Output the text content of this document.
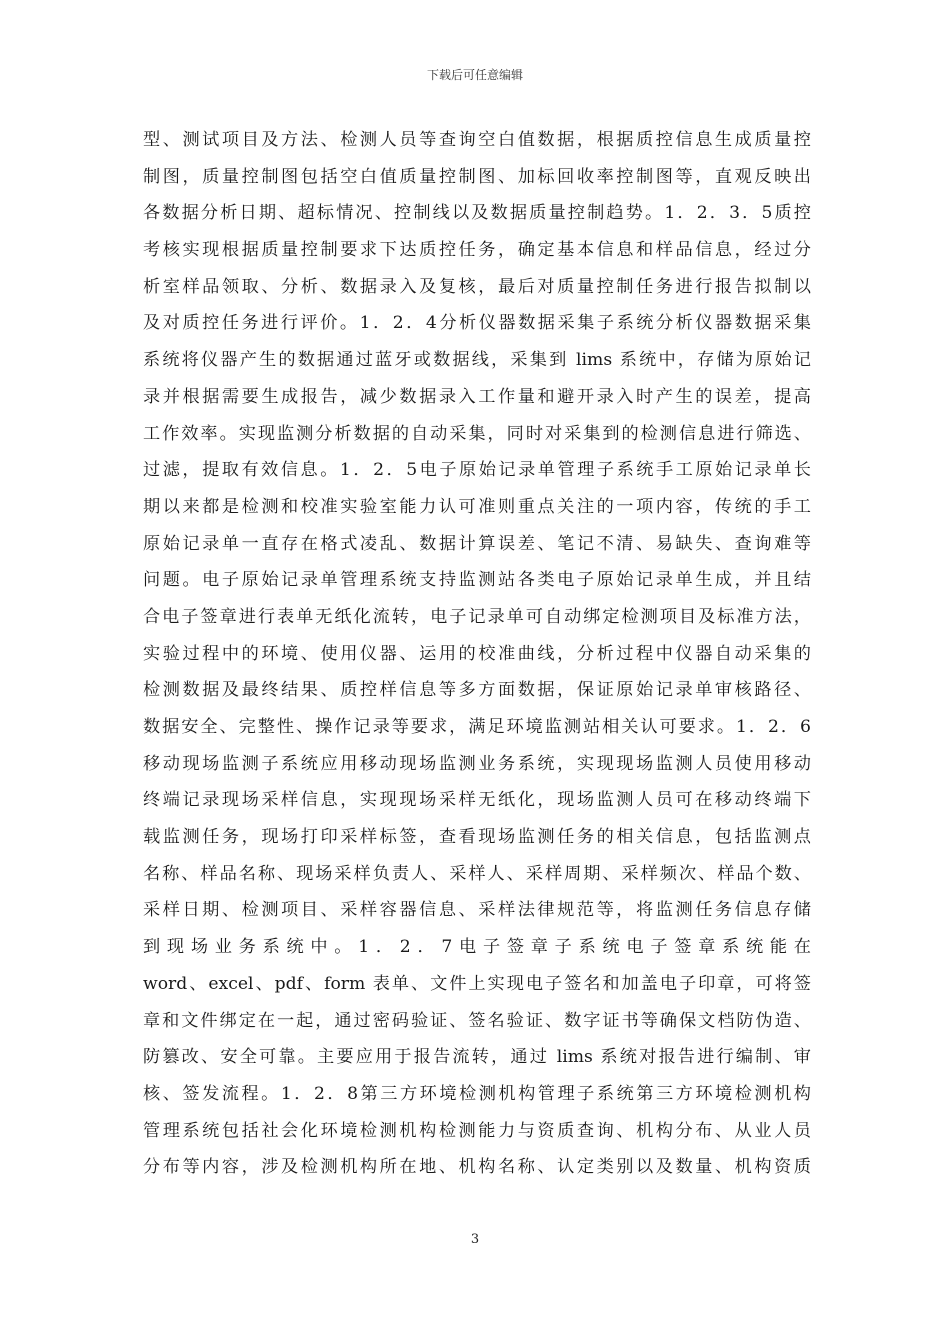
下载后可任意编辑
型、测试项目及方法、检测人员等查询空白值数据，根据质控信息生成质量控
制图，质量控制图包括空白值质量控制图、加标回收率控制图等，直观反映出
各数据分析日期、超标情况、控制线以及数据质量控制趋势。1．2．3．5质控
考核实现根据质量控制要求下达质控任务，确定基本信息和样品信息，经过分
析室样品领取、分析、数据录入及复核，最后对质量控制任务进行报告拟制以
及对质控任务进行评价。1．2．4分析仪器数据采集子系统分析仪器数据采集
系统将仪器产生的数据通过蓝牙或数据线，采集到 lims 系统中，存储为原始记
录并根据需要生成报告，减少数据录入工作量和避开录入时产生的误差，提高
工作效率。实现监测分析数据的自动采集，同时对采集到的检测信息进行筛选、
过滤，提取有效信息。1．2．5电子原始记录单管理子系统手工原始记录单长
期以来都是检测和校准实验室能力认可准则重点关注的一项内容，传统的手工
原始记录单一直存在格式凌乱、数据计算误差、笔记不清、易缺失、查询难等
问题。电子原始记录单管理系统支持监测站各类电子原始记录单生成，并且结
合电子签章进行表单无纸化流转，电子记录单可自动绑定检测项目及标准方法，
实验过程中的环境、使用仪器、运用的校准曲线，分析过程中仪器自动采集的
检测数据及最终结果、质控样信息等多方面数据，保证原始记录单审核路径、
数据安全、完整性、操作记录等要求，满足环境监测站相关认可要求。1．2．6
移动现场监测子系统应用移动现场监测业务系统，实现现场监测人员使用移动
终端记录现场采样信息，实现现场采样无纸化，现场监测人员可在移动终端下
载监测任务，现场打印采样标签，查看现场监测任务的相关信息，包括监测点
名称、样品名称、现场采样负责人、采样人、采样周期、采样频次、样品个数、
采样日期、检测项目、采样容器信息、采样法律规范等，将监测任务信息存储
到现场业务系统中。1．2．7电子签章子系统电子签章系统能在
word、excel、pdf、form 表单、文件上实现电子签名和加盖电子印章，可将签
章和文件绑定在一起，通过密码验证、签名验证、数字证书等确保文档防伪造、
防篡改、安全可靠。主要应用于报告流转，通过 lims 系统对报告进行编制、审
核、签发流程。1．2．8第三方环境检测机构管理子系统第三方环境检测机构
管理系统包括社会化环境检测机构检测能力与资质查询、机构分布、从业人员
分布等内容，涉及检测机构所在地、机构名称、认定类别以及数量、机构资质
3
